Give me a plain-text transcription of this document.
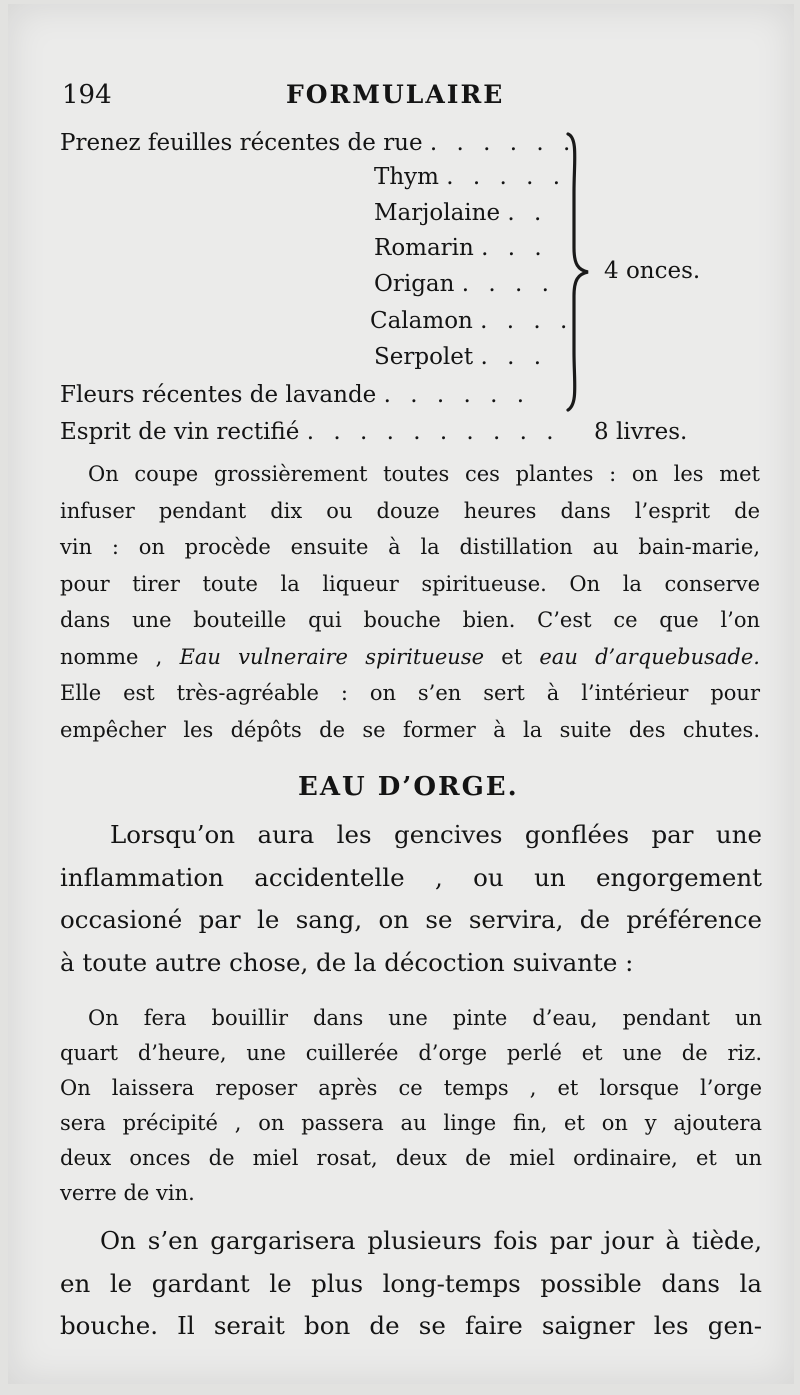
194	FORMULAIRE
Prenez feuilles récentes de rue . . . . . .
Thym . . . . .
Marjolaine . .
Romarin . . .
Origan . . . .
Calamon . . . .
Serpolet . . .
Fleurs récentes de lavande . . . . . .
Esprit de vin rectifié . . . . . . . . . .
4 onces.
8 livres.
On coupe grossièrement toutes ces plantes : on les met
infuser pendant dix ou douze heures dans l’esprit de
vin : on procède ensuite à la distillation au bain-marie,
pour tirer toute la liqueur spiritueuse. On la conserve
dans une bouteille qui bouche bien. C’est ce que l’on
nomme , Eau vulneraire spiritueuse et eau d’arquebusade.
Elle est très-agréable : on s’en sert à l’intérieur pour
empêcher les dépôts de se former à la suite des chutes.
EAU D’ORGE.
Lorsqu’on aura les gencives gonflées par une
inflammation accidentelle , ou un engorgement
occasioné par le sang, on se servira, de préférence
à toute autre chose, de la décoction suivante :
On fera bouillir dans une pinte d’eau, pendant un
quart d’heure, une cuillerée d’orge perlé et une de riz.
On laissera reposer après ce temps , et lorsque l’orge
sera précipité , on passera au linge fin, et on y ajoutera
deux onces de miel rosat, deux de miel ordinaire, et un
verre de vin.
On s’en gargarisera plusieurs fois par jour à tiède,
en le gardant le plus long-temps possible dans la
bouche. Il serait bon de se faire saigner les gen-
